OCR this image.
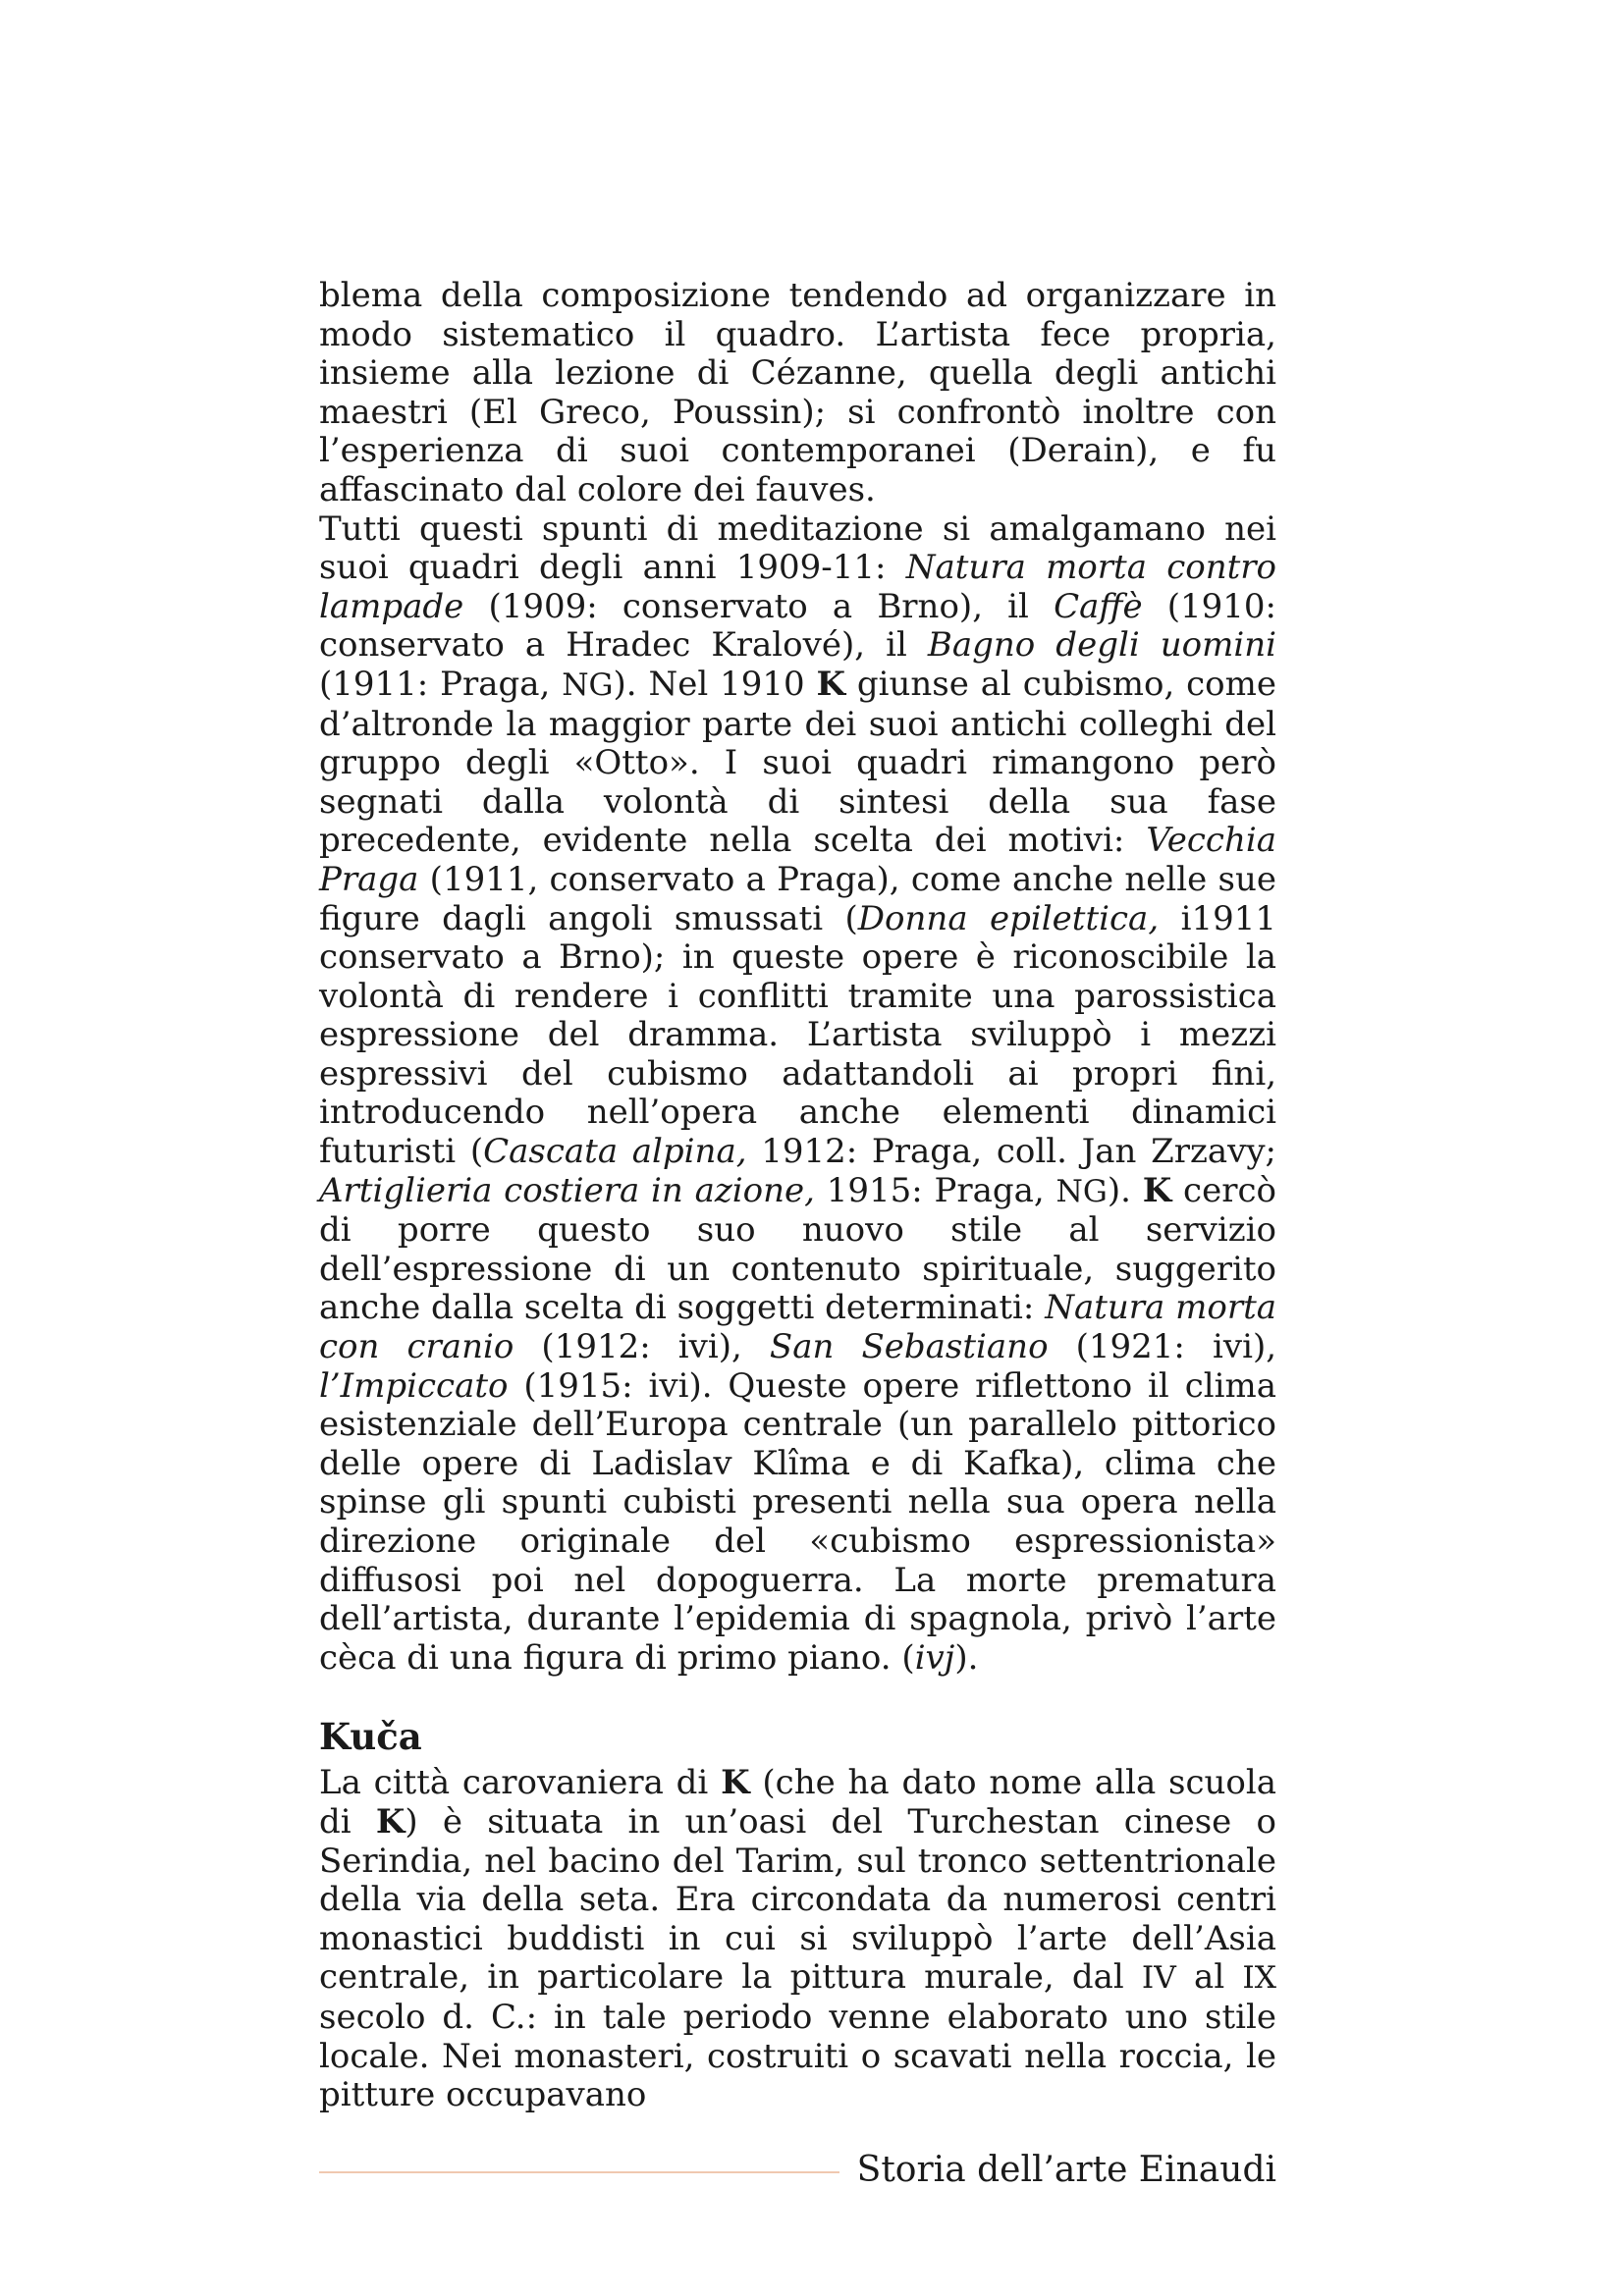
blema della composizione tendendo ad organizzare in modo sistematico il quadro. L’artista fece propria, insieme alla lezione di Cézanne, quella degli antichi maestri (El Greco, Poussin); si confrontò inoltre con l’esperienza di suoi contemporanei (Derain), e fu affascinato dal colore dei fauves.

Tutti questi spunti di meditazione si amalgamano nei suoi quadri degli anni 1909-11: Natura morta contro lampade (1909: conservato a Brno), il Caffè (1910: conservato a Hradec Kralové), il Bagno degli uomini (1911: Praga, NG). Nel 1910 K giunse al cubismo, come d’altronde la maggior parte dei suoi antichi colleghi del gruppo degli «Otto». I suoi quadri rimangono però segnati dalla volontà di sintesi della sua fase precedente, evidente nella scelta dei motivi: Vecchia Praga (1911, conservato a Praga), come anche nelle sue figure dagli angoli smussati (Donna epilettica, i1911 conservato a Brno); in queste opere è riconoscibile la volontà di rendere i conflitti tramite una parossistica espressione del dramma. L’artista sviluppò i mezzi espressivi del cubismo adattandoli ai propri fini, introducendo nell’opera anche elementi dinamici futuristi (Cascata alpina, 1912: Praga, coll. Jan Zrzavy; Artiglieria costiera in azione, 1915: Praga, NG). K cercò di porre questo suo nuovo stile al servizio dell’espressione di un contenuto spirituale, suggerito anche dalla scelta di soggetti determinati: Natura morta con cranio (1912: ivi), San Sebastiano (1921: ivi), l’Impiccato (1915: ivi). Queste opere riflettono il clima esistenziale dell’Europa centrale (un parallelo pittorico delle opere di Ladislav Klîma e di Kafka), clima che spinse gli spunti cubisti presenti nella sua opera nella direzione originale del «cubismo espressionista» diffusosi poi nel dopoguerra. La morte prematura dell’artista, durante l’epidemia di spagnola, privò l’arte cèca di una figura di primo piano. (ivj).

Kuča

La città carovaniera di K (che ha dato nome alla scuola di K) è situata in un’oasi del Turchestan cinese o Serindia, nel bacino del Tarim, sul tronco settentrionale della via della seta. Era circondata da numerosi centri monastici buddisti in cui si sviluppò l’arte dell’Asia centrale, in particolare la pittura murale, dal IV al IX secolo d. C.: in tale periodo venne elaborato uno stile locale. Nei monasteri, costruiti o scavati nella roccia, le pitture occupavano

Storia dell’arte Einaudi
